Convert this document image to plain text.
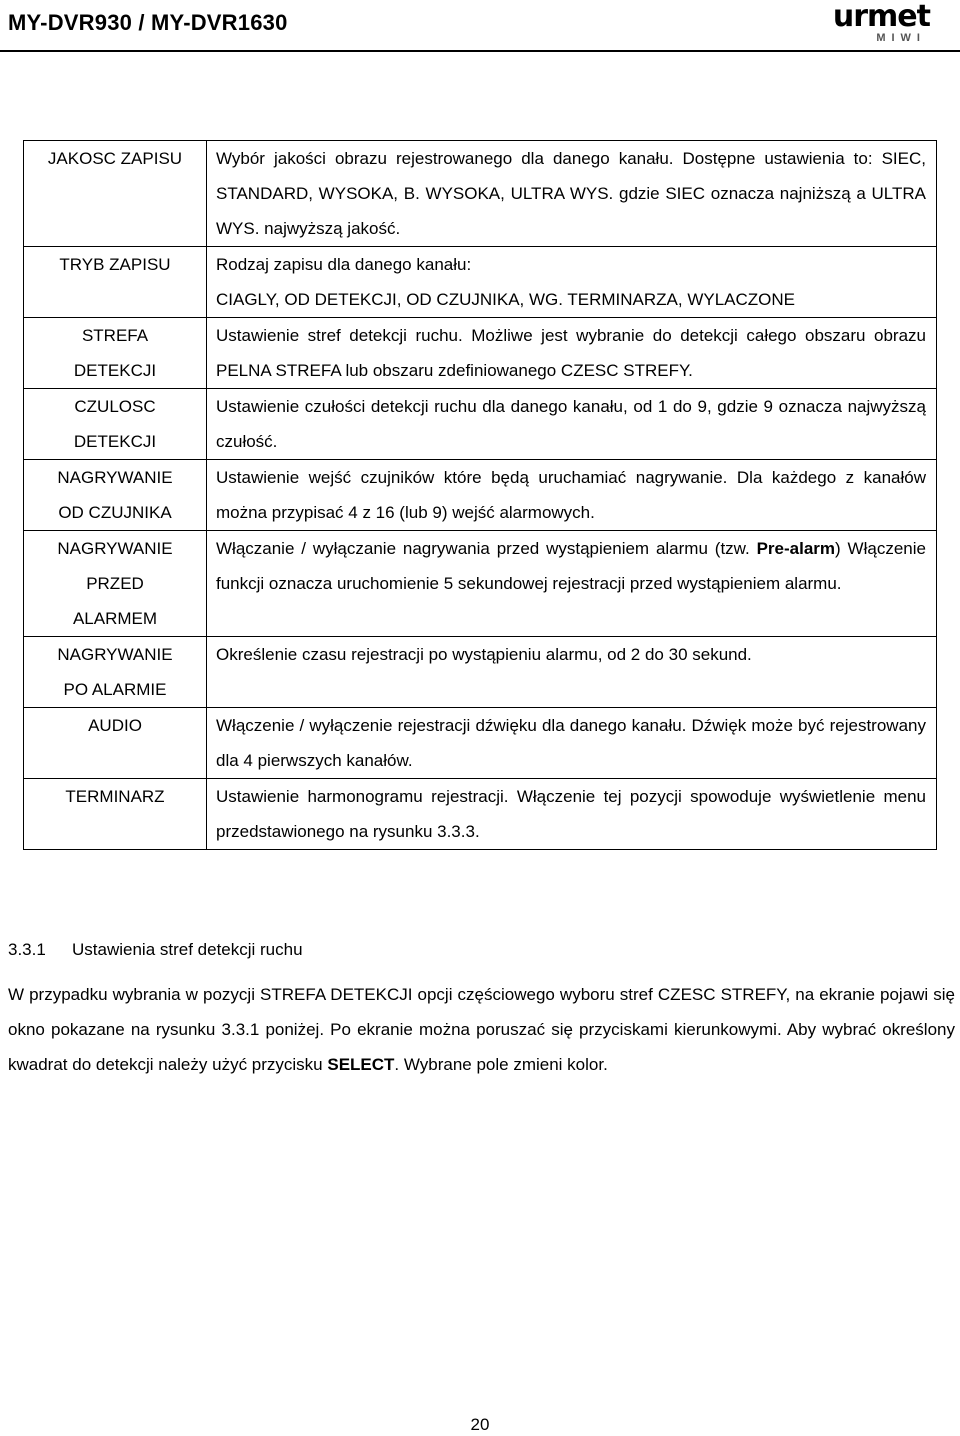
MY-DVR930 / MY-DVR1630	urmet
MIWI
JAKOSC ZAPISU	Wybór jakości obrazu rejestrowanego dla danego kanału. Dostępne ustawienia to: SIEC, STANDARD, WYSOKA, B. WYSOKA, ULTRA WYS. gdzie SIEC oznacza najniższą a ULTRA WYS. najwyższą jakość.
TRYB ZAPISU	Rodzaj zapisu dla danego kanału:
CIAGLY, OD DETEKCJI, OD CZUJNIKA, WG. TERMINARZA, WYLACZONE

STREFA
DETEKCJI	Ustawienie stref detekcji ruchu. Możliwe jest wybranie do detekcji całego obszaru obrazu PELNA STREFA lub obszaru zdefiniowanego CZESC STREFY.

CZULOSC
DETEKCJI	Ustawienie czułości detekcji ruchu dla danego kanału, od 1 do 9, gdzie 9 oznacza najwyższą czułość.

NAGRYWANIE
OD CZUJNIKA	Ustawienie wejść czujników które będą uruchamiać nagrywanie. Dla każdego z kanałów można przypisać 4 z 16 (lub 9) wejść alarmowych.

NAGRYWANIE
PRZED
ALARMEM	Włączanie / wyłączanie nagrywania przed wystąpieniem alarmu (tzw. Pre-alarm) Włączenie funkcji oznacza uruchomienie 5 sekundowej rejestracji przed wystąpieniem alarmu.

NAGRYWANIE
PO ALARMIE	Określenie czasu rejestracji po wystąpieniu alarmu, od 2 do 30 sekund.
AUDIO	Włączenie / wyłączenie rejestracji dźwięku dla danego kanału. Dźwięk może być rejestrowany dla 4 pierwszych kanałów.
TERMINARZ	Ustawienie harmonogramu rejestracji. Włączenie tej pozycji spowoduje wyświetlenie menu przedstawionego na rysunku 3.3.3.
3.3.1 Ustawienia stref detekcji ruchu
W przypadku wybrania w pozycji STREFA DETEKCJI opcji częściowego wyboru stref CZESC STREFY, na ekranie pojawi się okno pokazane na rysunku 3.3.1 poniżej. Po ekranie można poruszać się przyciskami kierunkowymi. Aby wybrać określony kwadrat do detekcji należy użyć przycisku SELECT. Wybrane pole zmieni kolor.
20
